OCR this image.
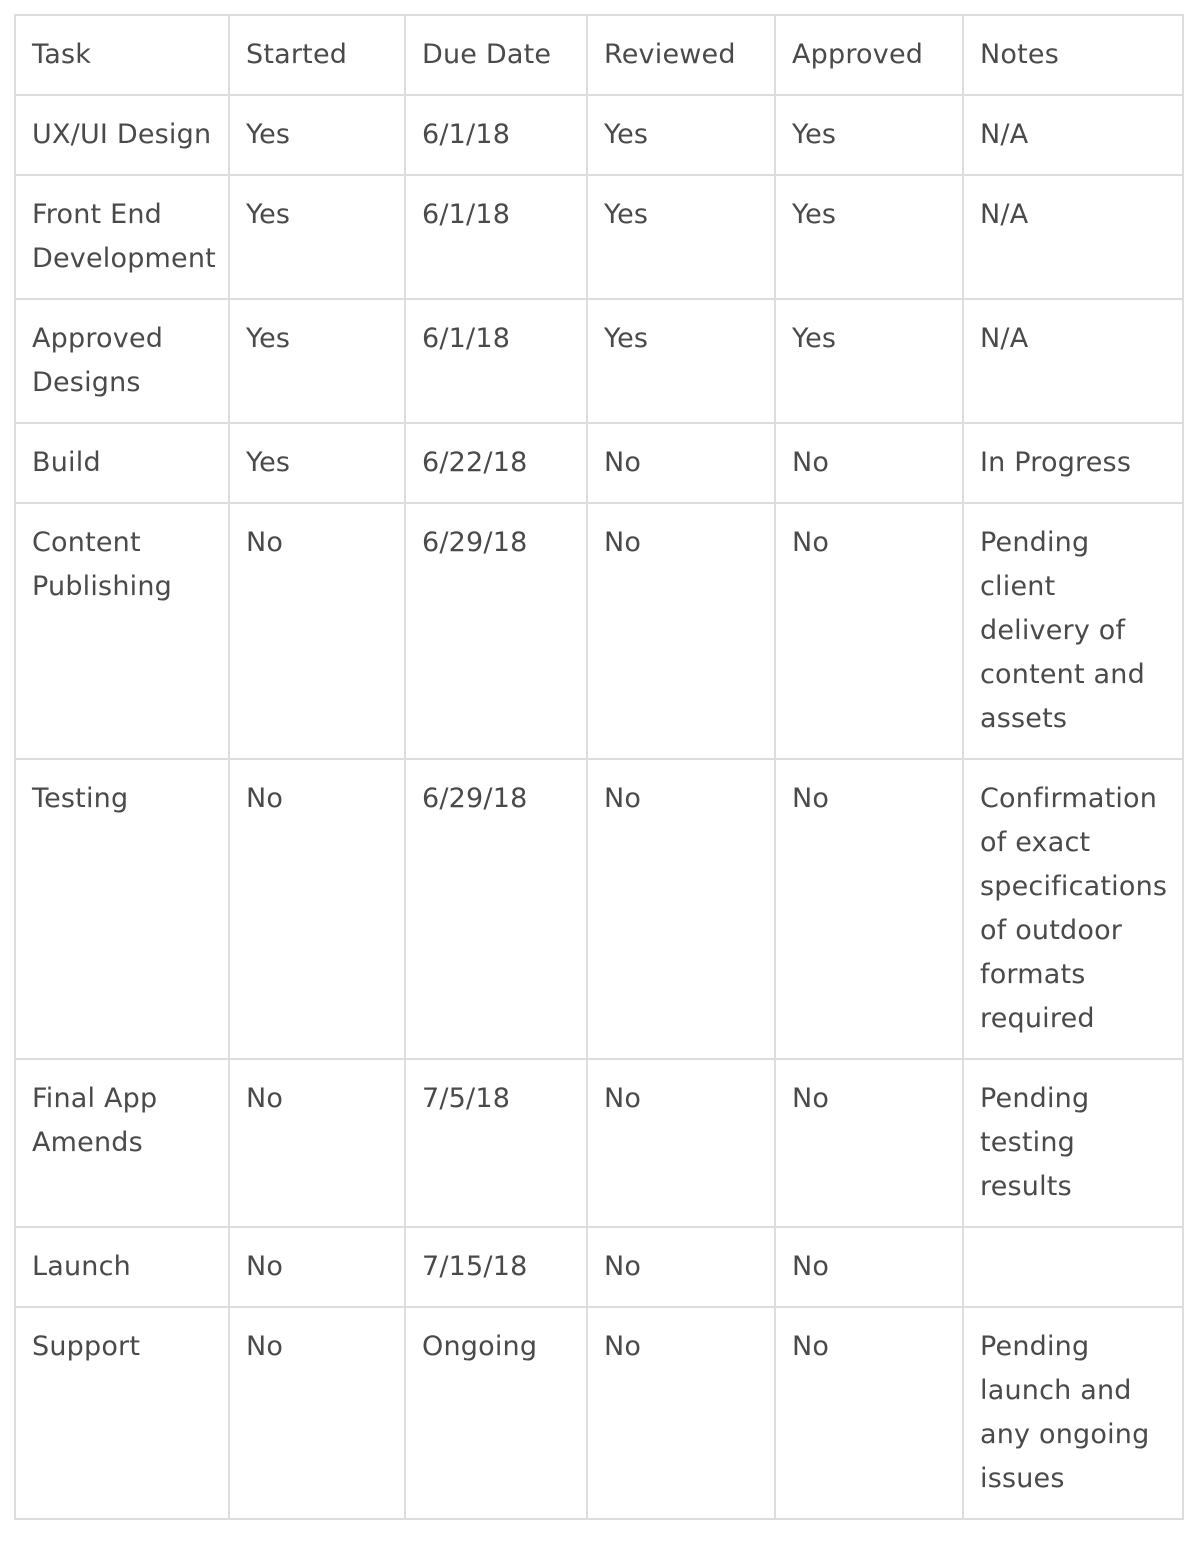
Task	Started	Due Date	Reviewed	Approved	Notes
UX/UI Design	Yes	6/1/18	Yes	Yes	N/A
Front End Development	Yes	6/1/18	Yes	Yes	N/A
Approved Designs	Yes	6/1/18	Yes	Yes	N/A
Build	Yes	6/22/18	No	No	In Progress
Content Publishing	No	6/29/18	No	No	Pending client delivery of content and assets
Testing	No	6/29/18	No	No	Confirmation of exact specifications of outdoor formats required
Final App Amends	No	7/5/18	No	No	Pending testing results
Launch	No	7/15/18	No	No	
Support	No	Ongoing	No	No	Pending launch and any ongoing issues
